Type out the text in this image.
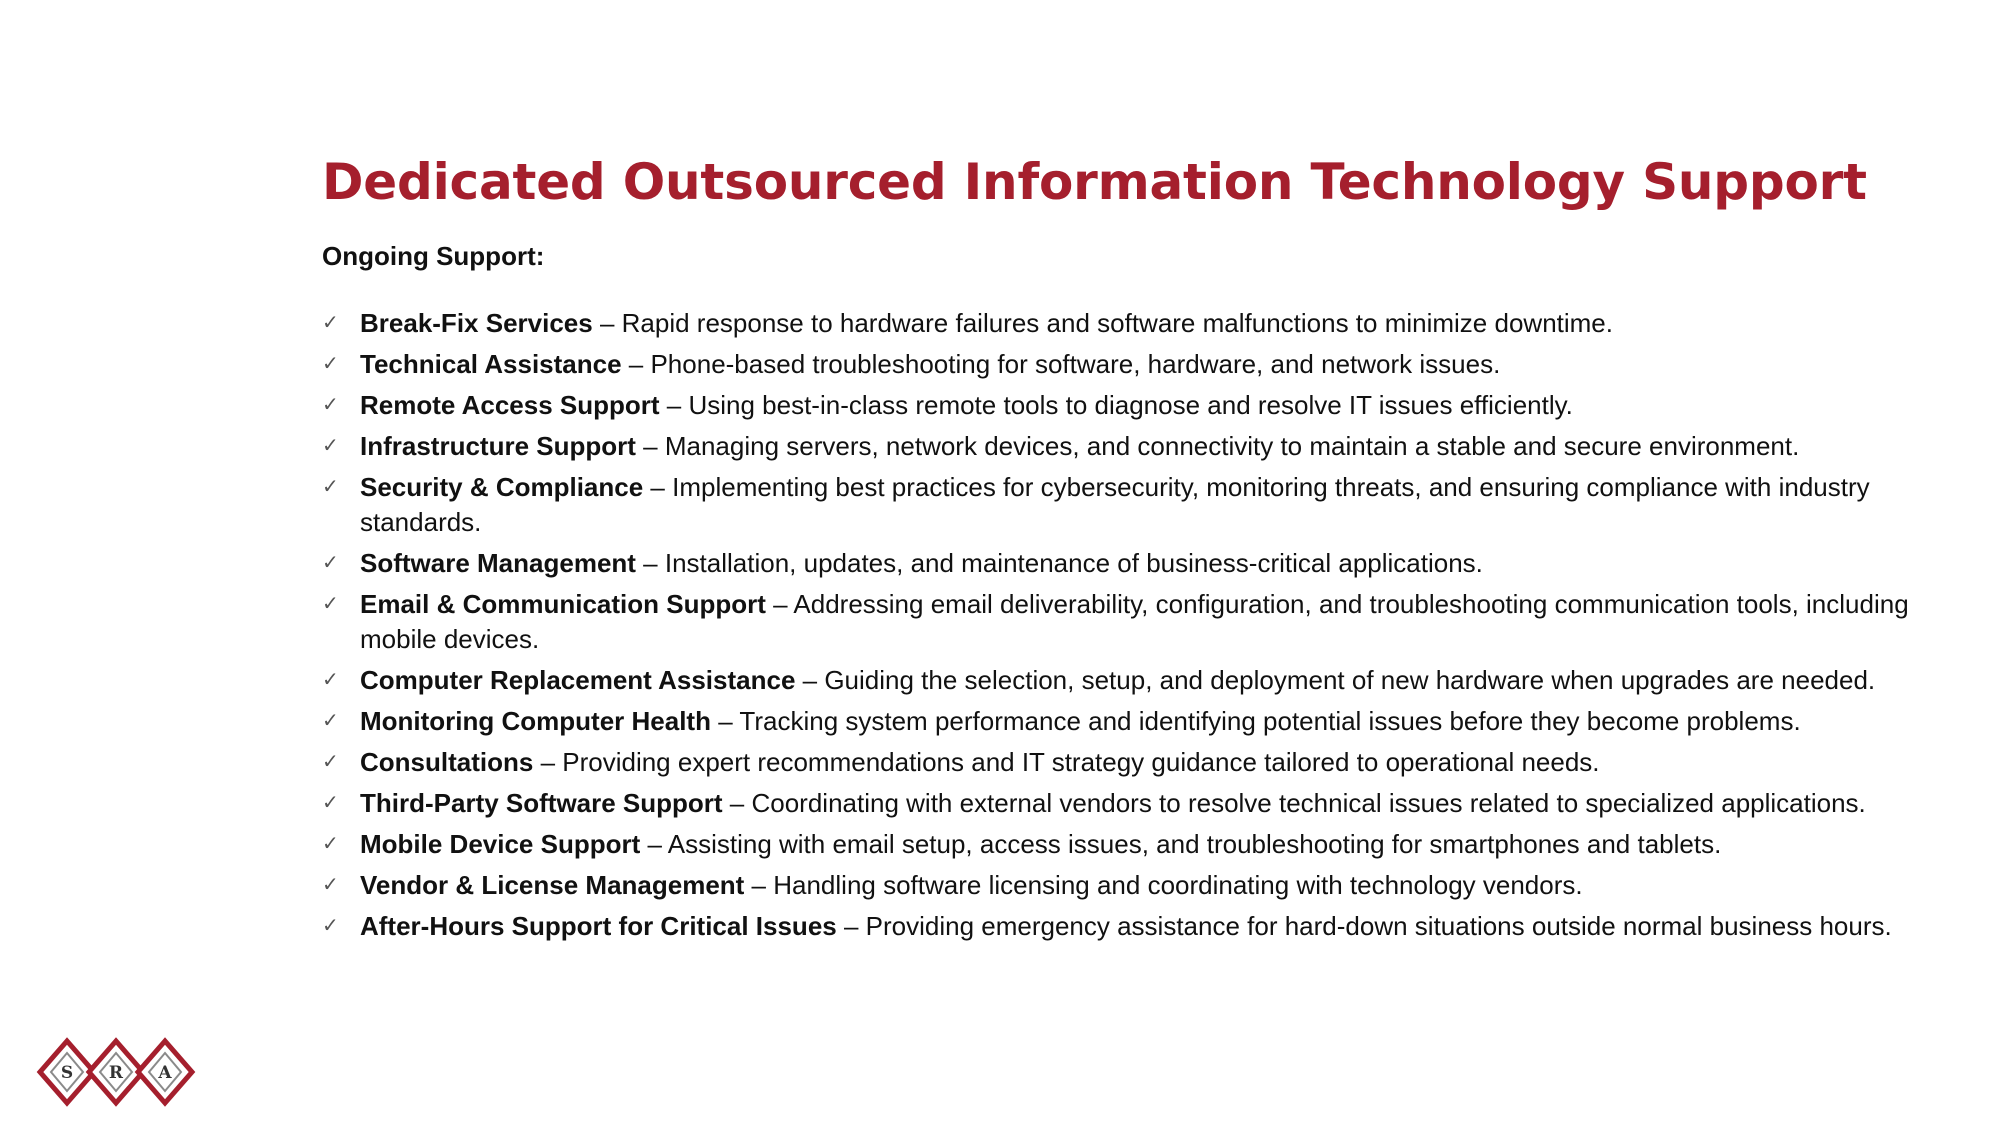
Dedicated Outsourced Information Technology Support
Ongoing Support:
✓ Break-Fix Services – Rapid response to hardware failures and software malfunctions to minimize downtime.
✓ Technical Assistance – Phone-based troubleshooting for software, hardware, and network issues.
✓ Remote Access Support – Using best-in-class remote tools to diagnose and resolve IT issues efficiently.
✓ Infrastructure Support – Managing servers, network devices, and connectivity to maintain a stable and secure environment.
✓ Security & Compliance – Implementing best practices for cybersecurity, monitoring threats, and ensuring compliance with industry standards.
✓ Software Management – Installation, updates, and maintenance of business-critical applications.
✓ Email & Communication Support – Addressing email deliverability, configuration, and troubleshooting communication tools, including mobile devices.
✓ Computer Replacement Assistance – Guiding the selection, setup, and deployment of new hardware when upgrades are needed.
✓ Monitoring Computer Health – Tracking system performance and identifying potential issues before they become problems.
✓ Consultations – Providing expert recommendations and IT strategy guidance tailored to operational needs.
✓ Third-Party Software Support – Coordinating with external vendors to resolve technical issues related to specialized applications.
✓ Mobile Device Support – Assisting with email setup, access issues, and troubleshooting for smartphones and tablets.
✓ Vendor & License Management – Handling software licensing and coordinating with technology vendors.
✓ After-Hours Support for Critical Issues – Providing emergency assistance for hard-down situations outside normal business hours.
S R A
